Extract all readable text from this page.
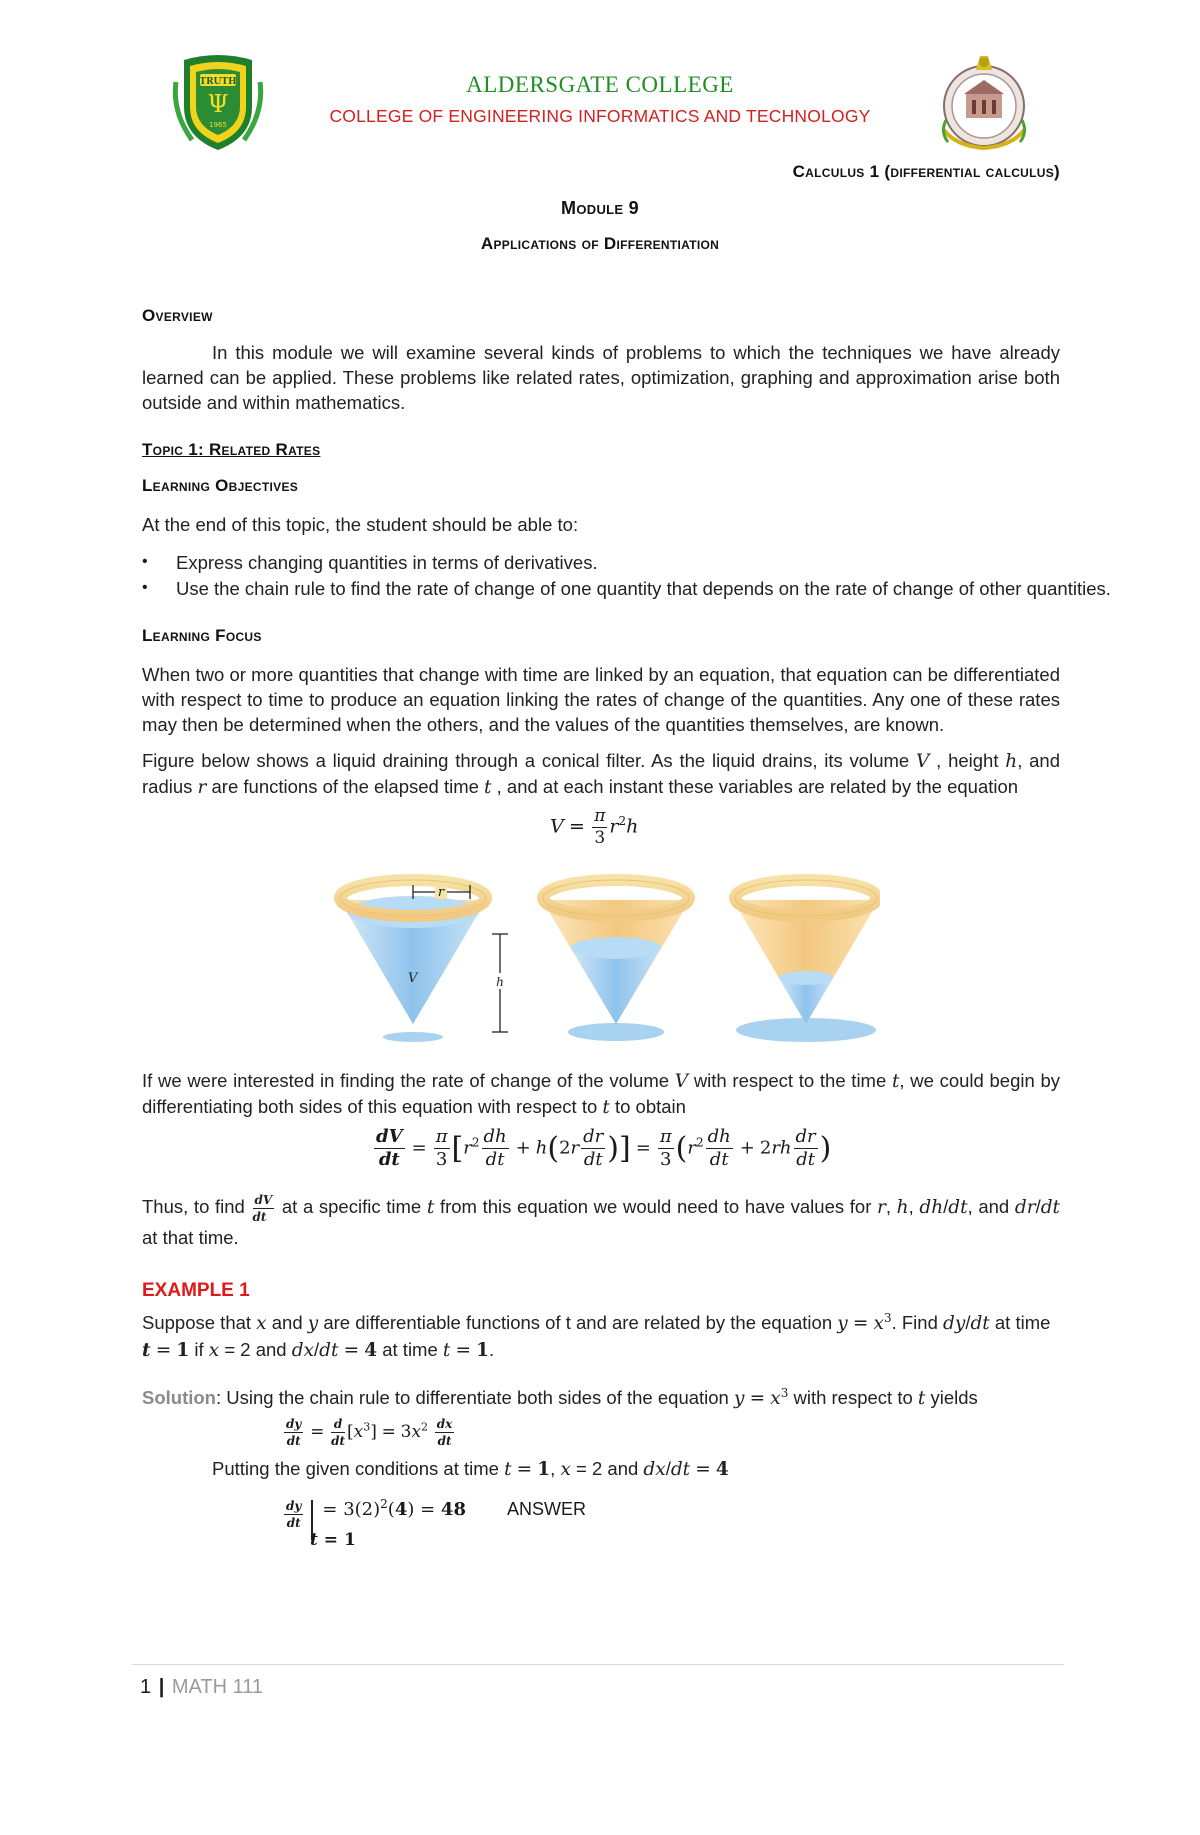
TRUTH
Ψ
1965
ALDERSGATE COLLEGE
COLLEGE OF ENGINEERING INFORMATICS AND TECHNOLOGY
Calculus 1 (differential calculus)
Module 9
Applications of Differentiation
Overview

In this module we will examine several kinds of problems to which the techniques we have already learned can be applied. These problems like related rates, optimization, graphing and approximation arise both outside and within mathematics.

Topic 1: Related Rates
Learning Objectives

At the end of this topic, the student should be able to:

• Express changing quantities in terms of derivatives.

• Use the chain rule to find the rate of change of one quantity that depends on the rate of change of other quantities.

Learning Focus

When two or more quantities that change with time are linked by an equation, that equation can be differentiated with respect to time to produce an equation linking the rates of change of the quantities. Any one of these rates may then be determined when the others, and the values of the quantities themselves, are known.

Figure below shows a liquid draining through a conical filter. As the liquid drains, its volume V , height h, and radius r are functions of the elapsed time t , and at each instant these variables are related by the equation

$V = \frac{\pi}{3} r^2h$
r
V	h

If we were interested in finding the rate of change of the volume V with respect to the time t, we could begin by differentiating both sides of this equation with respect to t to obtain

$\frac{dV}{dt} = \frac{\pi}{3} [r^2 \frac{dh}{dt} + h(2r \frac{dr}{dt}$ )] = $\frac{\pi}{3} (r^2 \frac{dh}{dt} + 2rh \frac{dr}{dt}$ )

Thus, to find $\frac{dV}{dt}$ at a specific time t from this equation we would need to have values for r, h, dh/dt, and dr/dt at that time.

EXAMPLE 1

Suppose that x and y are differentiable functions of t and are related by the equation $y = x^3$. Find dy/dt at time
t = 1 if x = 2 and dx/dt = 4 at time t = 1.

Solution: Using the chain rule to differentiate both sides of the equation $y = x^3$ with respect to t yields

$\frac{dy}{dt} = \frac{d}{dt} [x^3] = 3x^2 \frac{dx}{dt}$

Putting the given conditions at time t = 1, x = 2 and dx/dt = 4

$\frac{dy}{dt} = 3(2)^2(4) = 48$ ANSWER
t = 1
1 | MATH 111
